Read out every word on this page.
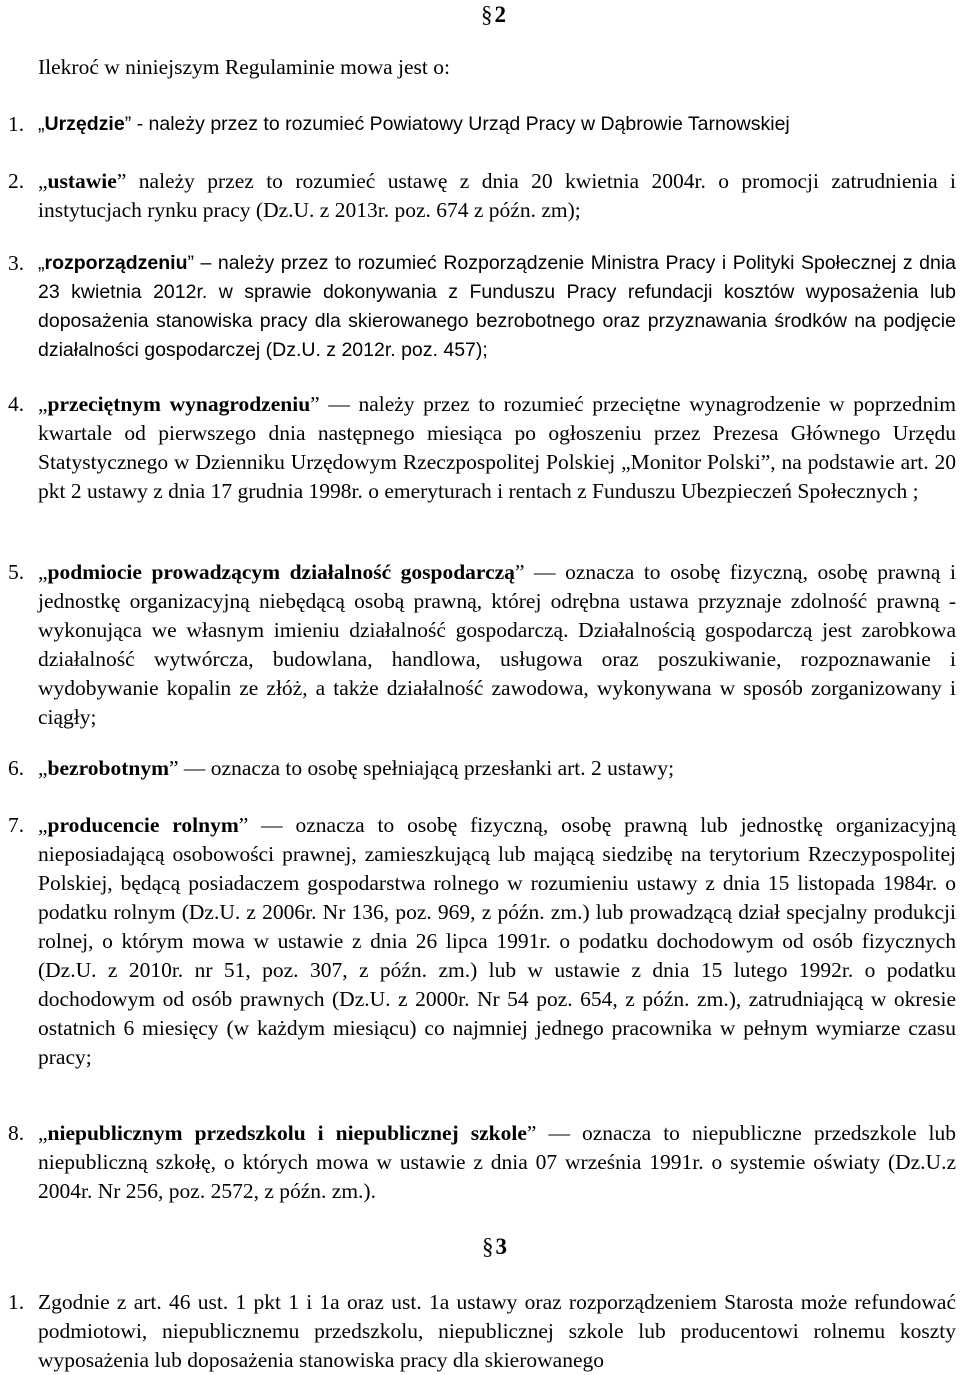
§2
Ilekroć w niniejszym Regulaminie mowa jest o:
1. „Urzędzie” - należy przez to rozumieć Powiatowy Urząd Pracy w Dąbrowie Tarnowskiej
2. „ustawie” należy przez to rozumieć ustawę z dnia 20 kwietnia 2004r. o promocji zatrudnienia i instytucjach rynku pracy (Dz.U. z 2013r. poz. 674 z późn. zm);
3. „rozporządzeniu” – należy przez to rozumieć Rozporządzenie Ministra Pracy i Polityki Społecznej z dnia 23 kwietnia 2012r. w sprawie dokonywania z Funduszu Pracy refundacji kosztów wyposażenia lub doposażenia stanowiska pracy dla skierowanego bezrobotnego oraz przyznawania środków na podjęcie działalności gospodarczej (Dz.U. z 2012r. poz. 457);
4. „przeciętnym wynagrodzeniu” — należy przez to rozumieć przeciętne wynagrodzenie w poprzednim kwartale od pierwszego dnia następnego miesiąca po ogłoszeniu przez Prezesa Głównego Urzędu Statystycznego w Dzienniku Urzędowym Rzeczpospolitej Polskiej „Monitor Polski”, na podstawie art. 20 pkt 2 ustawy z dnia 17 grudnia 1998r. o emeryturach i rentach z Funduszu Ubezpieczeń Społecznych ;
5. „podmiocie prowadzącym działalność gospodarczą” — oznacza to osobę fizyczną, osobę prawną i jednostkę organizacyjną niebędącą osobą prawną, której odrębna ustawa przyznaje zdolność prawną - wykonująca we własnym imieniu działalność gospodarczą. Działalnością gospodarczą jest zarobkowa działalność wytwórcza, budowlana, handlowa, usługowa oraz poszukiwanie, rozpoznawanie i wydobywanie kopalin ze złóż, a także działalność zawodowa, wykonywana w sposób zorganizowany i ciągły;
6. „bezrobotnym” — oznacza to osobę spełniającą przesłanki art. 2 ustawy;
7. „producencie rolnym” — oznacza to osobę fizyczną, osobę prawną lub jednostkę organizacyjną nieposiadającą osobowości prawnej, zamieszkującą lub mającą siedzibę na terytorium Rzeczypospolitej Polskiej, będącą posiadaczem gospodarstwa rolnego w rozumieniu ustawy z dnia 15 listopada 1984r. o podatku rolnym (Dz.U. z 2006r. Nr 136, poz. 969, z późn. zm.) lub prowadzącą dział specjalny produkcji rolnej, o którym mowa w ustawie z dnia 26 lipca 1991r. o podatku dochodowym od osób fizycznych (Dz.U. z 2010r. nr 51, poz. 307, z późn. zm.) lub w ustawie z dnia 15 lutego 1992r. o podatku dochodowym od osób prawnych (Dz.U. z 2000r. Nr 54 poz. 654, z późn. zm.), zatrudniającą w okresie ostatnich 6 miesięcy (w każdym miesiącu) co najmniej jednego pracownika w pełnym wymiarze czasu pracy;
8. „niepublicznym przedszkolu i niepublicznej szkole” — oznacza to niepubliczne przedszkole lub niepubliczną szkołę, o których mowa w ustawie z dnia 07 września 1991r. o systemie oświaty (Dz.U.z 2004r. Nr 256, poz. 2572, z późn. zm.).
§3
1. Zgodnie z art. 46 ust. 1 pkt 1 i 1a oraz ust. 1a ustawy oraz rozporządzeniem Starosta może refundować podmiotowi, niepublicznemu przedszkolu, niepublicznej szkole lub producentowi rolnemu koszty wyposażenia lub doposażenia stanowiska pracy dla skierowanego
